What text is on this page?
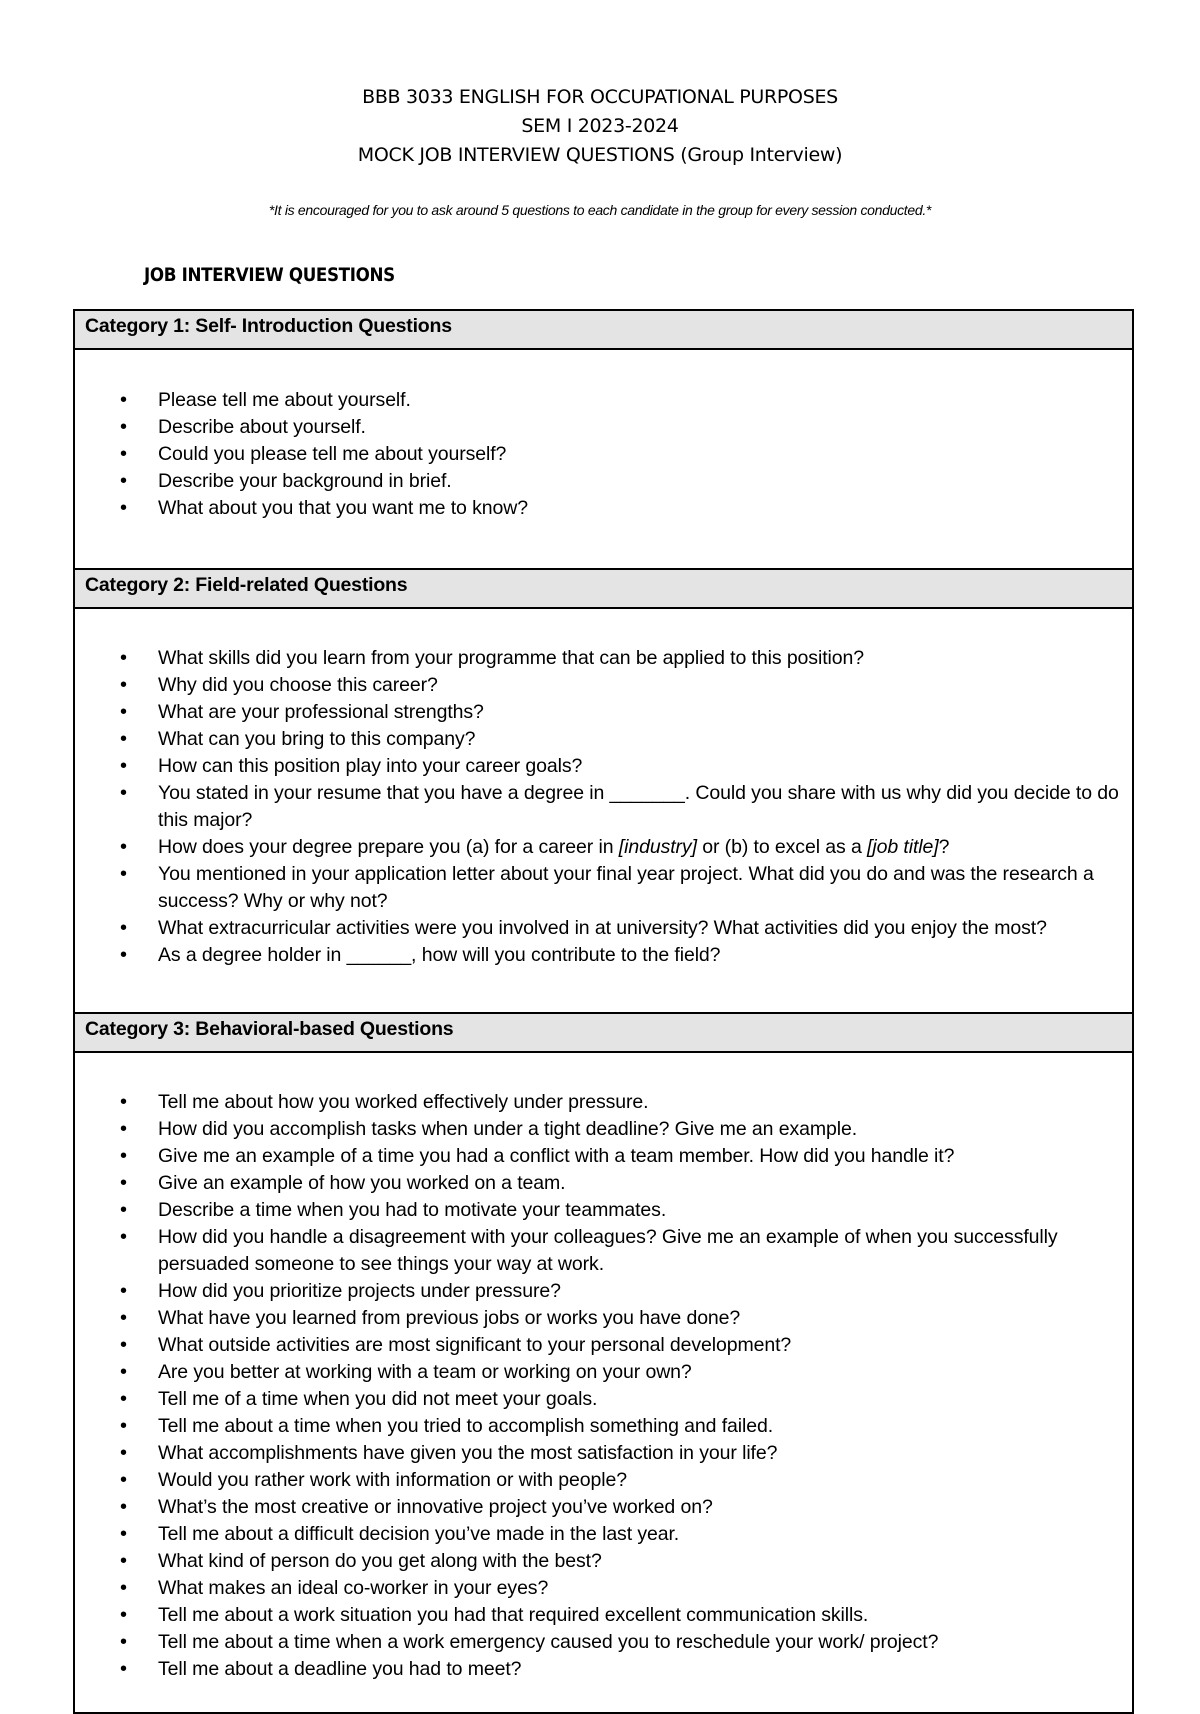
BBB 3033 ENGLISH FOR OCCUPATIONAL PURPOSES
SEM I 2023-2024
MOCK JOB INTERVIEW QUESTIONS (Group Interview)
*It is encouraged for you to ask around 5 questions to each candidate in the group for every session conducted.*
JOB INTERVIEW QUESTIONS
Category 1: Self- Introduction Questions

• Please tell me about yourself.
• Describe about yourself.
• Could you please tell me about yourself?
• Describe your background in brief.
• What about you that you want me to know?

Category 2: Field-related Questions

• What skills did you learn from your programme that can be applied to this position?
• Why did you choose this career?
• What are your professional strengths?
• What can you bring to this company?
• How can this position play into your career goals?
• You stated in your resume that you have a degree in _______. Could you share with us why did you decide to do this major?
• How does your degree prepare you (a) for a career in [industry] or (b) to excel as a [job title]?
• You mentioned in your application letter about your final year project. What did you do and was the research a success? Why or why not?
• What extracurricular activities were you involved in at university? What activities did you enjoy the most?
• As a degree holder in ______, how will you contribute to the field?

Category 3: Behavioral-based Questions

• Tell me about how you worked effectively under pressure.
• How did you accomplish tasks when under a tight deadline? Give me an example.
• Give me an example of a time you had a conflict with a team member. How did you handle it?
• Give an example of how you worked on a team.
• Describe a time when you had to motivate your teammates.
• How did you handle a disagreement with your colleagues? Give me an example of when you successfully persuaded someone to see things your way at work.
• How did you prioritize projects under pressure?
• What have you learned from previous jobs or works you have done?
• What outside activities are most significant to your personal development?
• Are you better at working with a team or working on your own?
• Tell me of a time when you did not meet your goals.
• Tell me about a time when you tried to accomplish something and failed.
• What accomplishments have given you the most satisfaction in your life?
• Would you rather work with information or with people?
• What’s the most creative or innovative project you’ve worked on?
• Tell me about a difficult decision you’ve made in the last year.
• What kind of person do you get along with the best?
• What makes an ideal co-worker in your eyes?
• Tell me about a work situation you had that required excellent communication skills.
• Tell me about a time when a work emergency caused you to reschedule your work/ project?
• Tell me about a deadline you had to meet?
